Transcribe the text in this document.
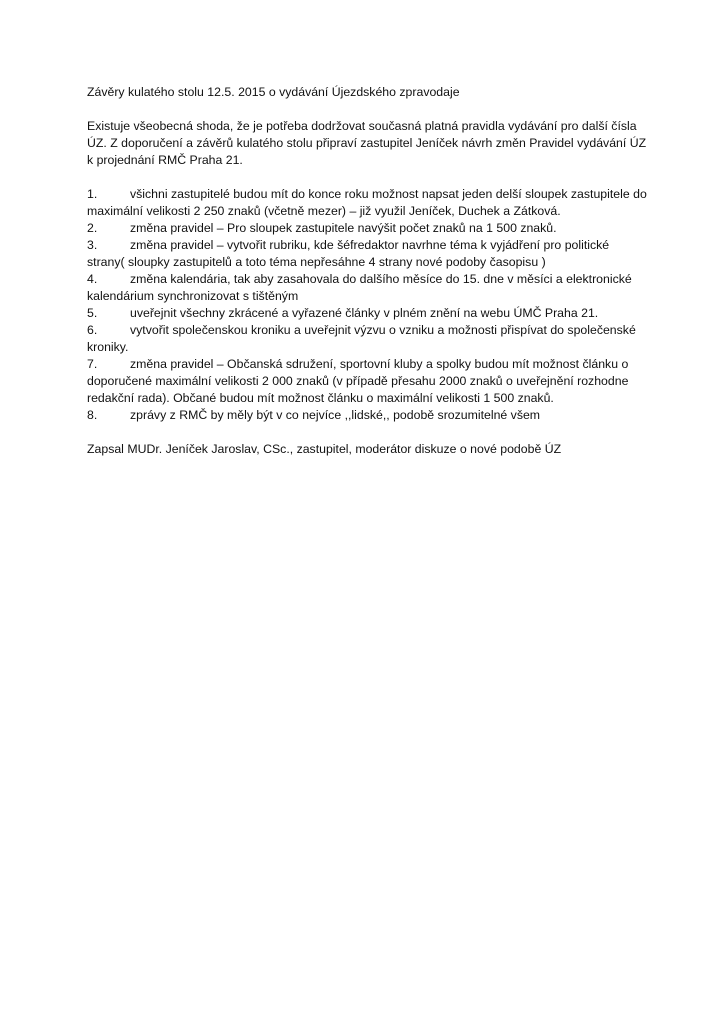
Závěry kulatého stolu 12.5. 2015 o vydávání Újezdského zpravodaje

Existuje všeobecná shoda, že je potřeba dodržovat současná platná pravidla vydávání pro další čísla ÚZ. Z doporučení a závěrů kulatého stolu připraví zastupitel Jeníček návrh změn Pravidel vydávání ÚZ k projednání RMČ Praha 21.

1.	všichni zastupitelé budou mít do konce roku možnost napsat jeden delší sloupek zastupitele do maximální velikosti 2 250 znaků (včetně mezer) – již využil Jeníček, Duchek a Zátková.
2.	změna pravidel – Pro sloupek zastupitele navýšit počet znaků na 1 500 znaků.
3.	změna pravidel – vytvořit rubriku, kde šéfredaktor navrhne téma k vyjádření pro politické strany( sloupky zastupitelů a toto téma nepřesáhne 4 strany nové podoby časopisu )
4.	změna kalendária, tak aby zasahovala do dalšího měsíce do 15. dne v měsíci a elektronické kalendárium synchronizovat s tištěným
5.	uveřejnit všechny zkrácené a vyřazené články v plném znění na webu ÚMČ Praha 21.
6.	vytvořit společenskou kroniku a uveřejnit výzvu o vzniku a možnosti přispívat do společenské kroniky.
7.	změna pravidel – Občanská sdružení, sportovní kluby a spolky budou mít možnost článku o doporučené maximální velikosti 2 000 znaků (v případě přesahu 2000 znaků o uveřejnění rozhodne redakční rada). Občané budou mít možnost článku o maximální velikosti 1 500 znaků.
8.	zprávy z RMČ by měly být v co nejvíce ,,lidské,, podobě srozumitelné všem

Zapsal MUDr. Jeníček Jaroslav, CSc., zastupitel, moderátor diskuze o nové podobě ÚZ
